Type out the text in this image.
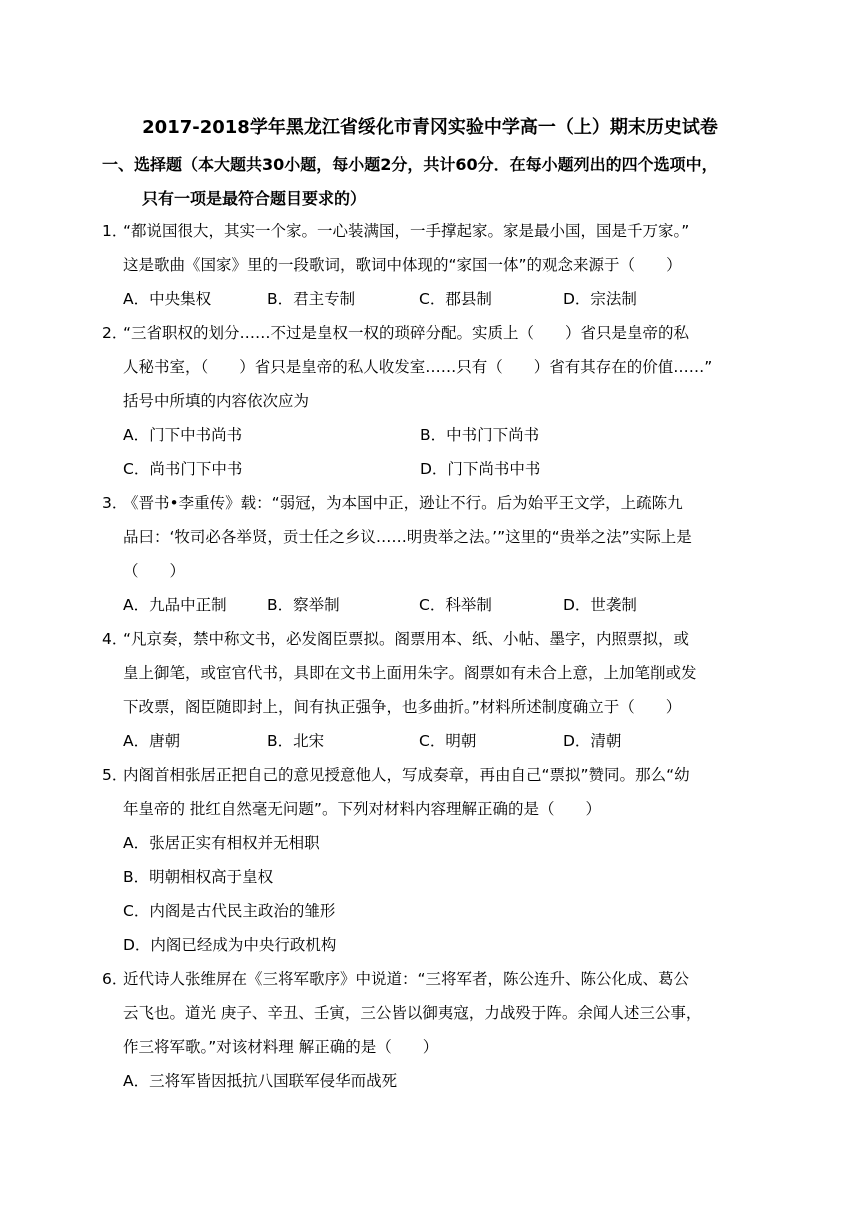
2017-2018学年黑龙江省绥化市青冈实验中学高一（上）期末历史试卷
一、选择题（本大题共30小题，每小题2分，共计60分．在每小题列出的四个选项中，
只有一项是最符合题目要求的）
1．“都说国很大，其实一个家。一心装满国，一手撑起家。家是最小国，国是千万家。”
这是歌曲《国家》里的一段歌词，歌词中体现的“家国一体”的观念来源于（　　）
A．中央集权	B．君主专制	C．郡县制	D．宗法制
2．“三省职权的划分……不过是皇权一权的琐碎分配。实质上（　　）省只是皇帝的私
人秘书室，（　　）省只是皇帝的私人收发室……只有（　　）省有其存在的价值……”
括号中所填的内容依次应为
A．门下中书尚书	B．中书门下尚书
C．尚书门下中书	D．门下尚书中书
3．《晋书•李重传》载：“弱冠，为本国中正，逊让不行。后为始平王文学，上疏陈九
品曰：‘牧司必各举贤，贡士任之乡议……明贵举之法。’”这里的“贵举之法”实际上是
（　　）
A．九品中正制	B．察举制	C．科举制	D．世袭制
4．“凡京奏，禁中称文书，必发阁臣票拟。阁票用本、纸、小帖、墨字，内照票拟，或
皇上御笔，或宦官代书，具即在文书上面用朱字。阁票如有未合上意，上加笔削或发
下改票，阁臣随即封上，间有执正强争，也多曲折。”材料所述制度确立于（　　）
A．唐朝	B．北宋	C．明朝	D．清朝
5．内阁首相张居正把自己的意见授意他人，写成奏章，再由自己“票拟”赞同。那么“幼
年皇帝的 批红自然毫无问题”。下列对材料内容理解正确的是（　　）
A．张居正实有相权并无相职
B．明朝相权高于皇权
C．内阁是古代民主政治的雏形
D．内阁已经成为中央行政机构
6．近代诗人张维屏在《三将军歌序》中说道：“三将军者，陈公连升、陈公化成、葛公
云飞也。道光 庚子、辛丑、壬寅，三公皆以御夷寇，力战殁于阵。余闻人述三公事，
作三将军歌。”对该材料理 解正确的是（　　）
A．三将军皆因抵抗八国联军侵华而战死
